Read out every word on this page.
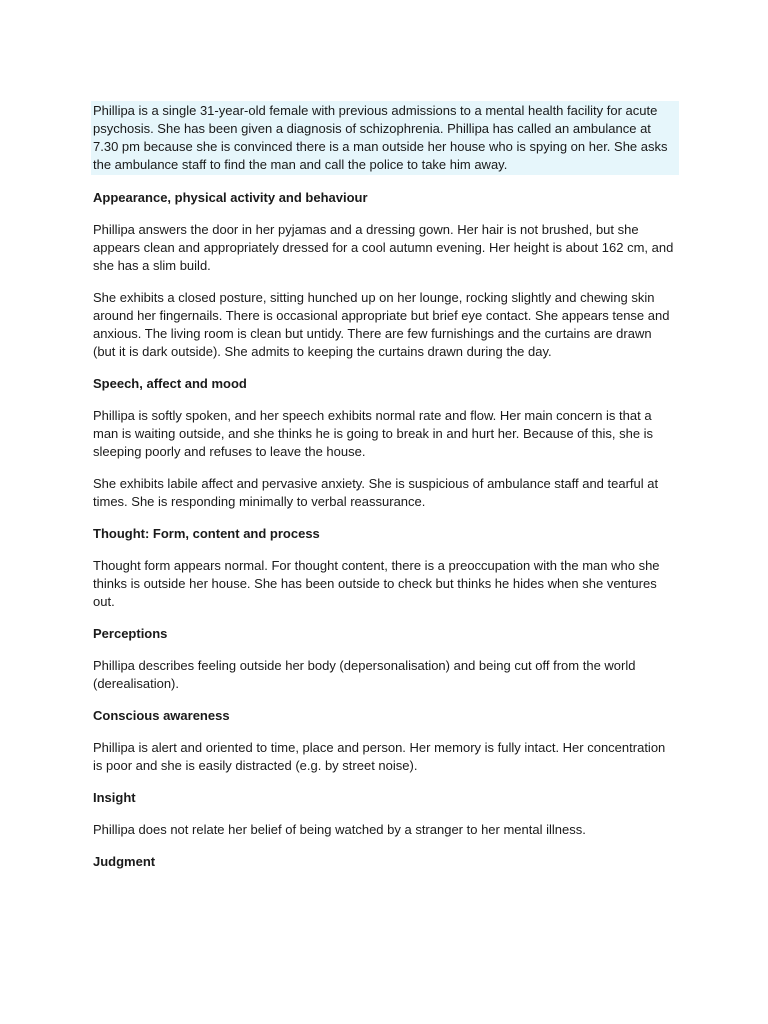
Phillipa is a single 31-year-old female with previous admissions to a mental health facility for acute psychosis. She has been given a diagnosis of schizophrenia. Phillipa has called an ambulance at 7.30 pm because she is convinced there is a man outside her house who is spying on her. She asks the ambulance staff to find the man and call the police to take him away.
Appearance, physical activity and behaviour
Phillipa answers the door in her pyjamas and a dressing gown. Her hair is not brushed, but she appears clean and appropriately dressed for a cool autumn evening. Her height is about 162 cm, and she has a slim build.
She exhibits a closed posture, sitting hunched up on her lounge, rocking slightly and chewing skin around her fingernails. There is occasional appropriate but brief eye contact. She appears tense and anxious. The living room is clean but untidy. There are few furnishings and the curtains are drawn (but it is dark outside). She admits to keeping the curtains drawn during the day.
Speech, affect and mood
Phillipa is softly spoken, and her speech exhibits normal rate and flow. Her main concern is that a man is waiting outside, and she thinks he is going to break in and hurt her. Because of this, she is sleeping poorly and refuses to leave the house.
She exhibits labile affect and pervasive anxiety. She is suspicious of ambulance staff and tearful at times. She is responding minimally to verbal reassurance.
Thought: Form, content and process
Thought form appears normal. For thought content, there is a preoccupation with the man who she thinks is outside her house. She has been outside to check but thinks he hides when she ventures out.
Perceptions
Phillipa describes feeling outside her body (depersonalisation) and being cut off from the world (derealisation).
Conscious awareness
Phillipa is alert and oriented to time, place and person. Her memory is fully intact. Her concentration is poor and she is easily distracted (e.g. by street noise).
Insight
Phillipa does not relate her belief of being watched by a stranger to her mental illness.
Judgment
